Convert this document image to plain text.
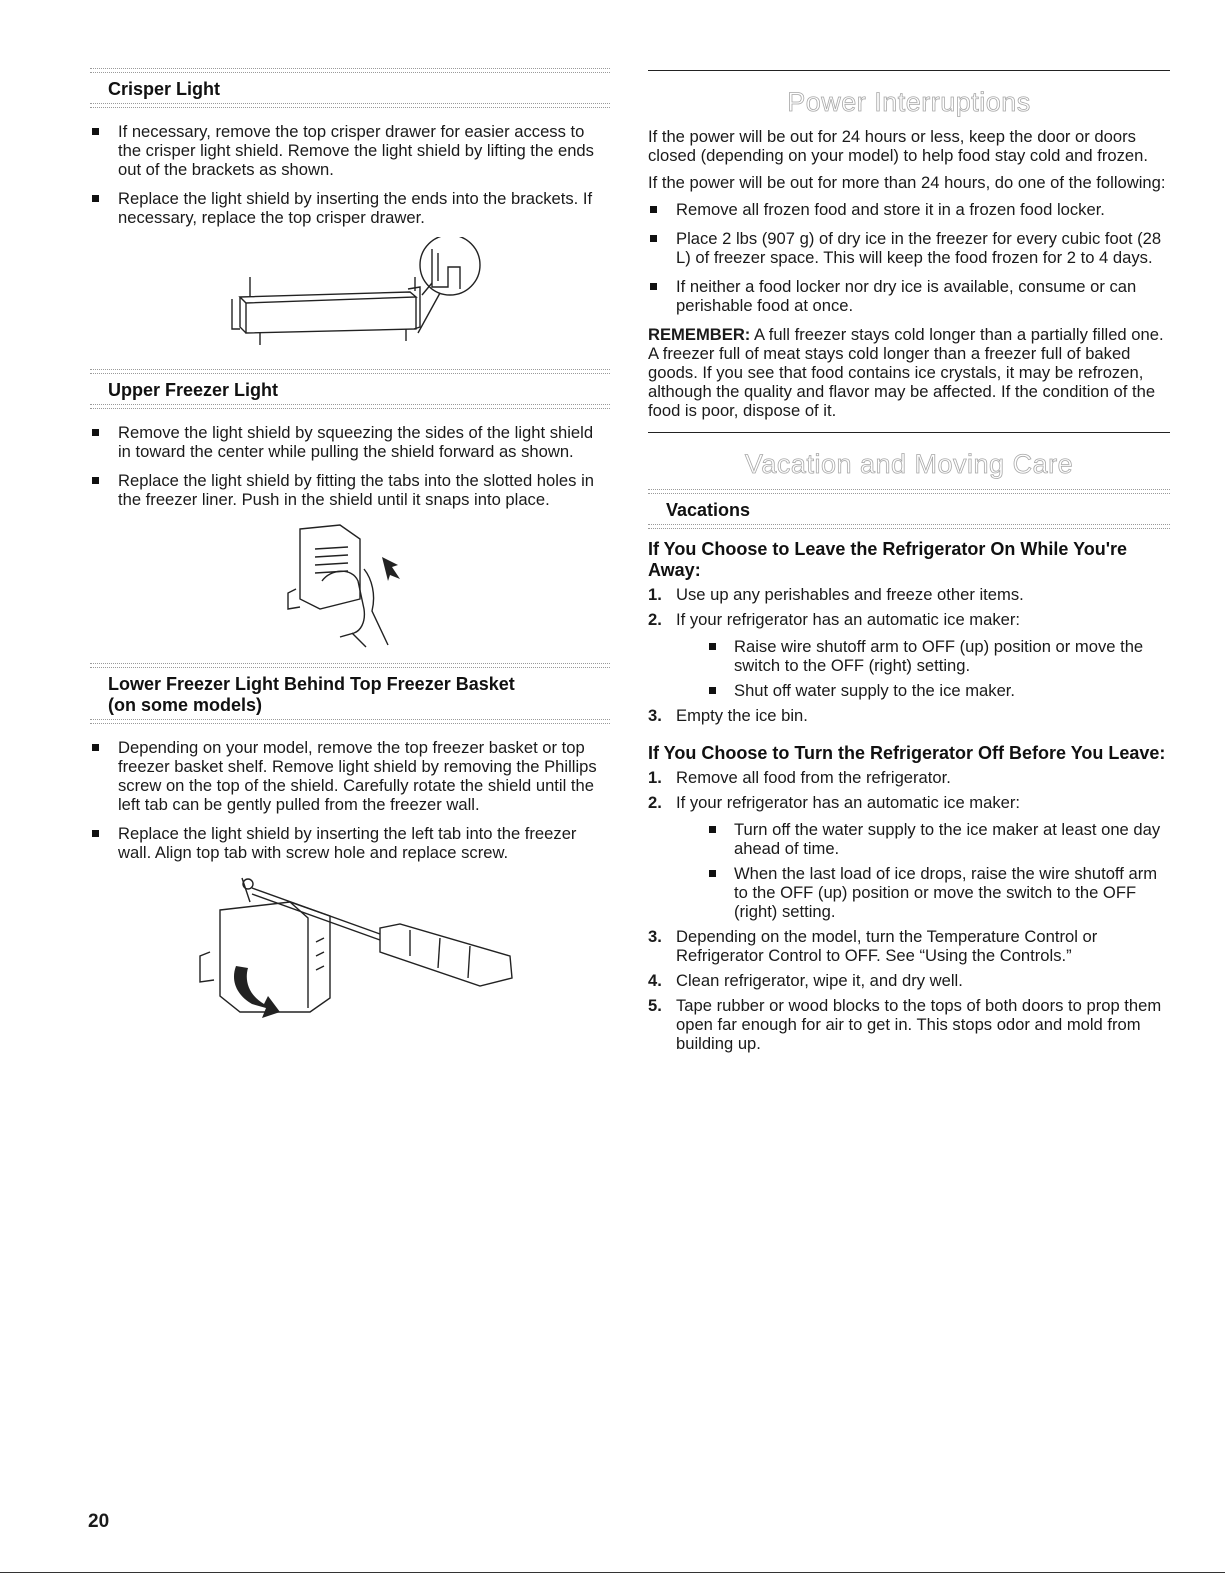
Crisper Light
If necessary, remove the top crisper drawer for easier access to the crisper light shield. Remove the light shield by lifting the ends out of the brackets as shown.
Replace the light shield by inserting the ends into the brackets. If necessary, replace the top crisper drawer.
Upper Freezer Light
Remove the light shield by squeezing the sides of the light shield in toward the center while pulling the shield forward as shown.
Replace the light shield by fitting the tabs into the slotted holes in the freezer liner. Push in the shield until it snaps into place.
Lower Freezer Light Behind Top Freezer Basket
(on some models)
Depending on your model, remove the top freezer basket or top freezer basket shelf. Remove light shield by removing the Phillips screw on the top of the shield. Carefully rotate the shield until the left tab can be gently pulled from the freezer wall.
Replace the light shield by inserting the left tab into the freezer wall. Align top tab with screw hole and replace screw.
Power Interruptions

If the power will be out for 24 hours or less, keep the door or doors closed (depending on your model) to help food stay cold and frozen.

If the power will be out for more than 24 hours, do one of the following:

Remove all frozen food and store it in a frozen food locker.
Place 2 lbs (907 g) of dry ice in the freezer for every cubic foot (28 L) of freezer space. This will keep the food frozen for 2 to 4 days.
If neither a food locker nor dry ice is available, consume or can perishable food at once.

REMEMBER: A full freezer stays cold longer than a partially filled one. A freezer full of meat stays cold longer than a freezer full of baked goods. If you see that food contains ice crystals, it may be refrozen, although the quality and flavor may be affected. If the condition of the food is poor, dispose of it.

Vacation and Moving Care
Vacations
If You Choose to Leave the Refrigerator On While You're Away:
1. Use up any perishables and freeze other items.
2. If your refrigerator has an automatic ice maker:
Raise wire shutoff arm to OFF (up) position or move the switch to the OFF (right) setting.
Shut off water supply to the ice maker.
3. Empty the ice bin.
If You Choose to Turn the Refrigerator Off Before You Leave:
1. Remove all food from the refrigerator.
2. If your refrigerator has an automatic ice maker:
Turn off the water supply to the ice maker at least one day ahead of time.
When the last load of ice drops, raise the wire shutoff arm to the OFF (up) position or move the switch to the OFF (right) setting.
3. Depending on the model, turn the Temperature Control or Refrigerator Control to OFF. See “Using the Controls.”
4. Clean refrigerator, wipe it, and dry well.
5. Tape rubber or wood blocks to the tops of both doors to prop them open far enough for air to get in. This stops odor and mold from building up.
20
